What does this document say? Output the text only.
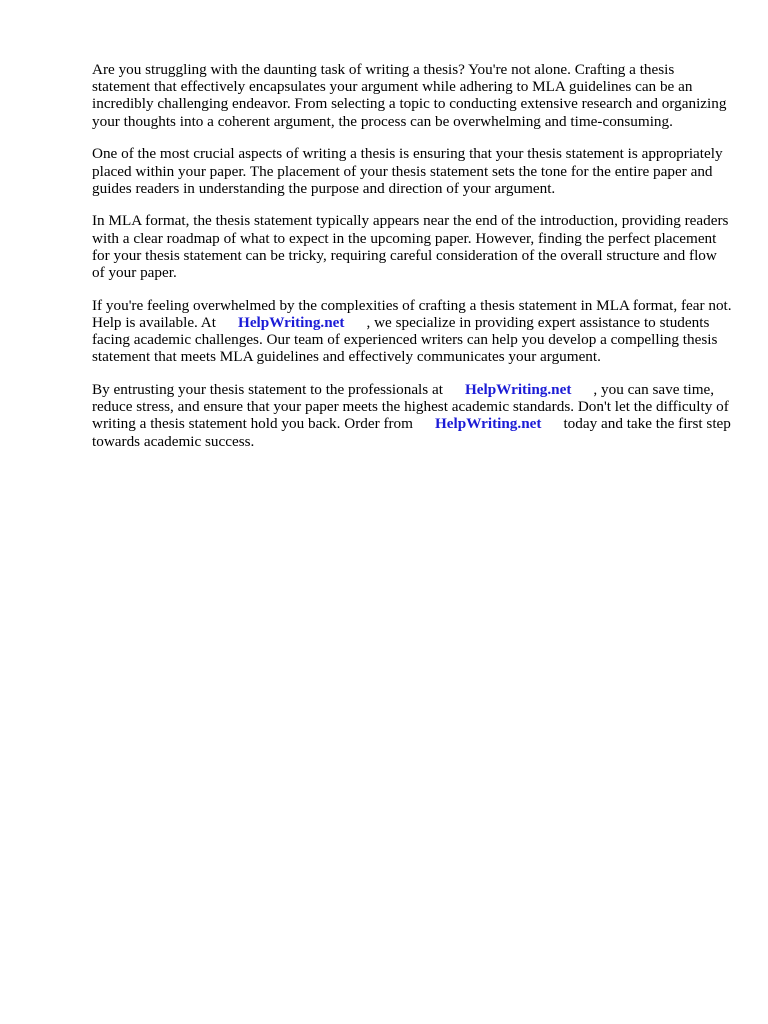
Are you struggling with the daunting task of writing a thesis? You're not alone. Crafting a thesis statement that effectively encapsulates your argument while adhering to MLA guidelines can be an incredibly challenging endeavor. From selecting a topic to conducting extensive research and organizing your thoughts into a coherent argument, the process can be overwhelming and time-consuming.

One of the most crucial aspects of writing a thesis is ensuring that your thesis statement is appropriately placed within your paper. The placement of your thesis statement sets the tone for the entire paper and guides readers in understanding the purpose and direction of your argument.

In MLA format, the thesis statement typically appears near the end of the introduction, providing readers with a clear roadmap of what to expect in the upcoming paper. However, finding the perfect placement for your thesis statement can be tricky, requiring careful consideration of the overall structure and flow of your paper.

If you're feeling overwhelmed by the complexities of crafting a thesis statement in MLA format, fear not. Help is available. At HelpWriting.net , we specialize in providing expert assistance to students facing academic challenges. Our team of experienced writers can help you develop a compelling thesis statement that meets MLA guidelines and effectively communicates your argument.

By entrusting your thesis statement to the professionals at HelpWriting.net , you can save time, reduce stress, and ensure that your paper meets the highest academic standards. Don't let the difficulty of writing a thesis statement hold you back. Order from HelpWriting.net today and take the first step towards academic success.
